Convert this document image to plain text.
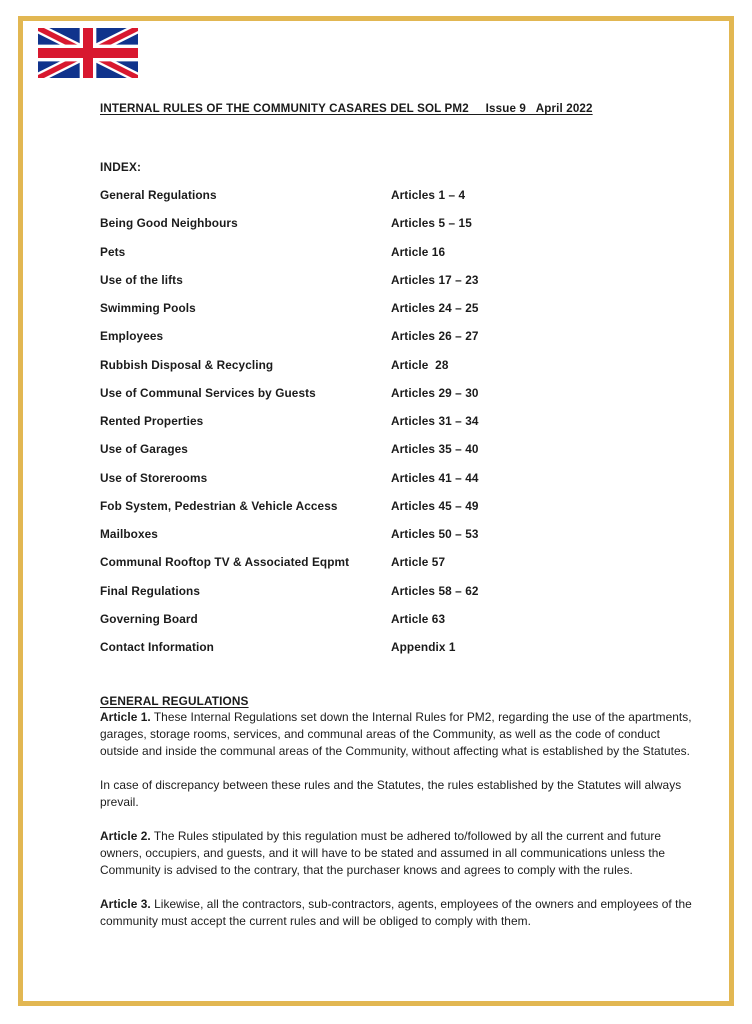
INTERNAL RULES OF THE COMMUNITY CASARES DEL SOL PM2     Issue 9   April 2022
INDEX:
General Regulations	Articles 1 – 4
Being Good Neighbours	Articles 5 – 15
Pets	Article 16
Use of the lifts	Articles 17 – 23
Swimming Pools	Articles 24 – 25
Employees	Articles 26 – 27
Rubbish Disposal & Recycling	Article  28
Use of Communal Services by Guests	Articles 29 – 30
Rented Properties	Articles 31 – 34
Use of Garages	Articles 35 – 40
Use of Storerooms	Articles 41 – 44
Fob System, Pedestrian & Vehicle Access	Articles 45 – 49
Mailboxes	Articles 50 – 53
Communal Rooftop TV & Associated Eqpmt	Article 57
Final Regulations	Articles 58 – 62
Governing Board	Article 63
Contact Information	Appendix 1
GENERAL REGULATIONS

Article 1. These Internal Regulations set down the Internal Rules for PM2, regarding the use of the apartments, garages, storage rooms, services, and communal areas of the Community, as well as the code of conduct outside and inside the communal areas of the Community, without affecting what is established by the Statutes.

In case of discrepancy between these rules and the Statutes, the rules established by the Statutes will always prevail.

Article 2. The Rules stipulated by this regulation must be adhered to/followed by all the current and future owners, occupiers, and guests, and it will have to be stated and assumed in all communications unless the Community is advised to the contrary, that the purchaser knows and agrees to comply with the rules.

Article 3. Likewise, all the contractors, sub-contractors, agents, employees of the owners and employees of the community must accept the current rules and will be obliged to comply with them.
